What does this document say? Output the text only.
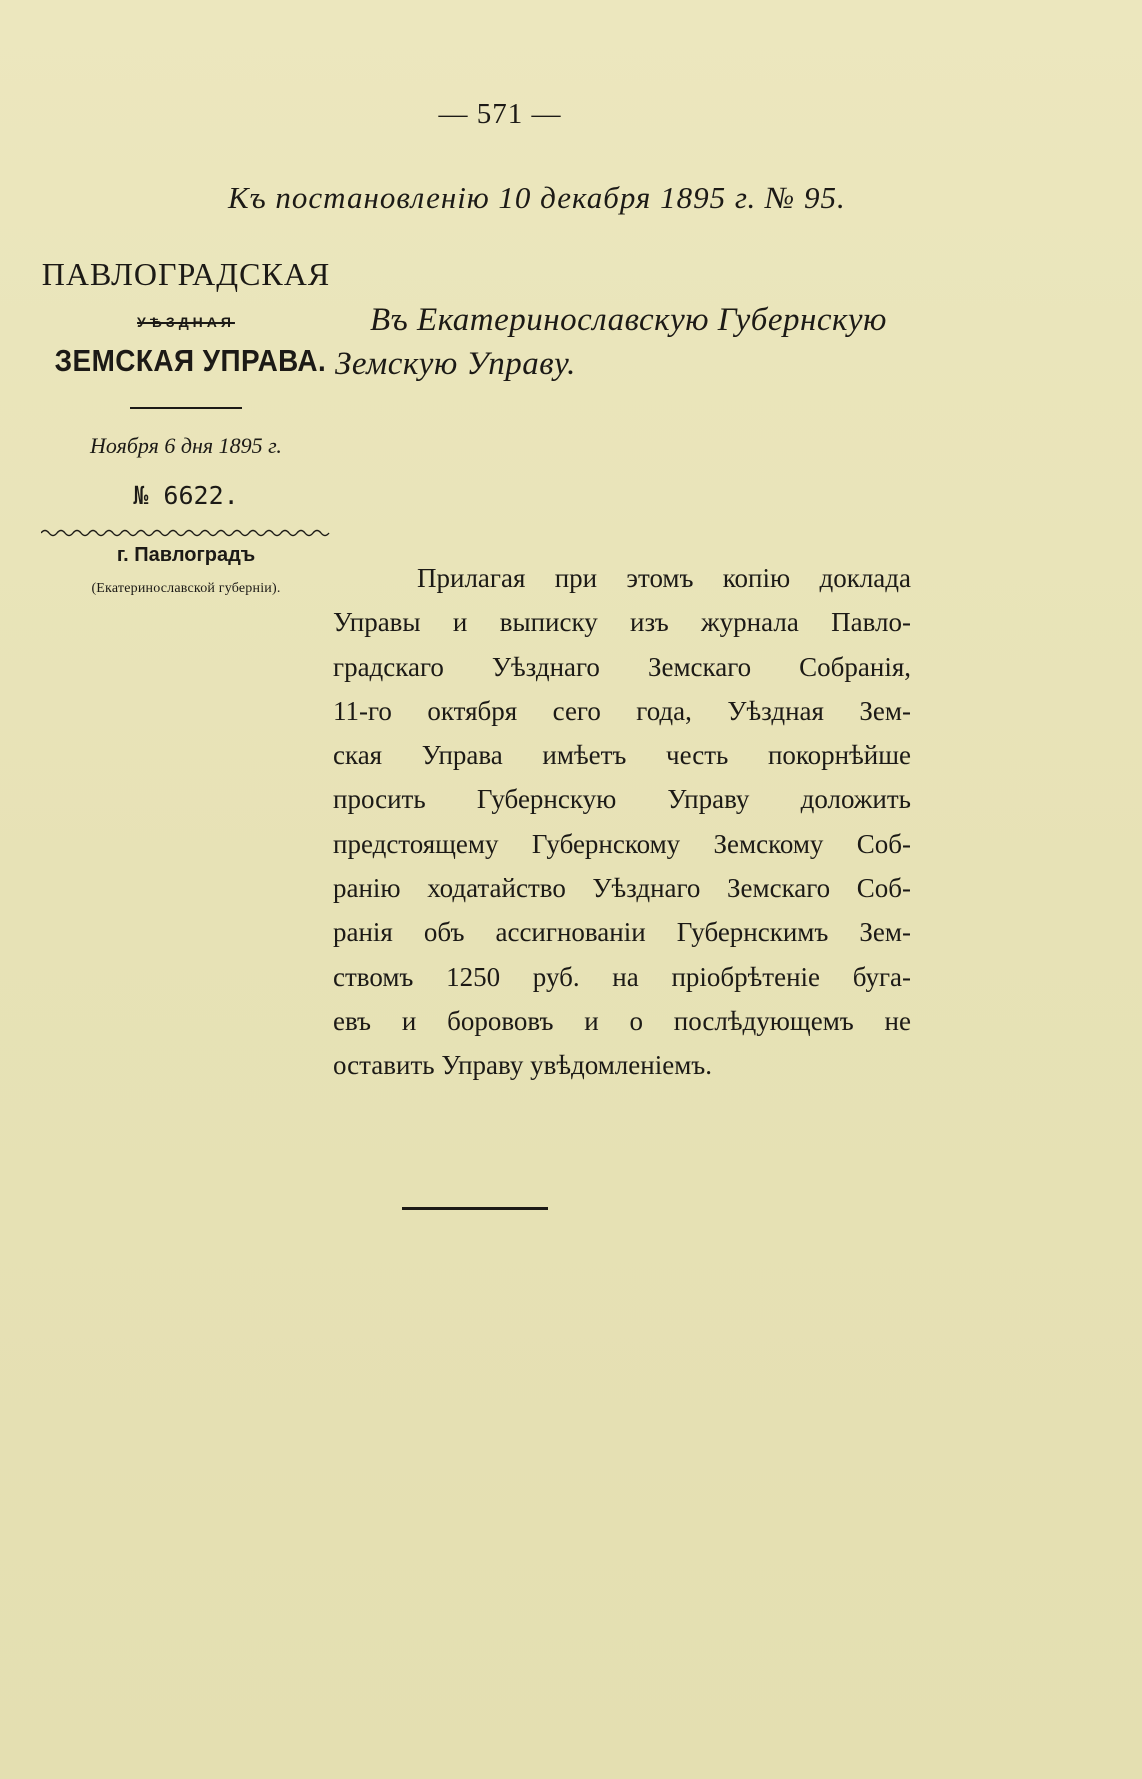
— 571 —
Къ постановленію 10 декабря 1895 г. № 95.
ПАВЛОГРАДСКАЯ
УѢЗДНАЯ
ЗЕМСКАЯ УПРАВА.
Ноября 6 дня 1895 г.
№ 6622.
г. Павлоградъ
(Екатеринославской губерніи).
Въ Екатеринославскую Губернскую
Земскую Управу.
Прилагая при этомъ копію доклада
Управы и выписку изъ журнала Павло-
градскаго Уѣзднаго Земскаго Собранія,
11-го октября сего года, Уѣздная Зем-
ская Управа имѣетъ честь покорнѣйше
просить Губернскую Управу доложить
предстоящему Губернскому Земскому Соб-
ранію ходатайство Уѣзднаго Земскаго Соб-
ранія объ ассигнованіи Губернскимъ Зем-
ствомъ 1250 руб. на пріобрѣтеніе буга-
евъ и борововъ и о послѣдующемъ не
оставить Управу увѣдомленіемъ.
